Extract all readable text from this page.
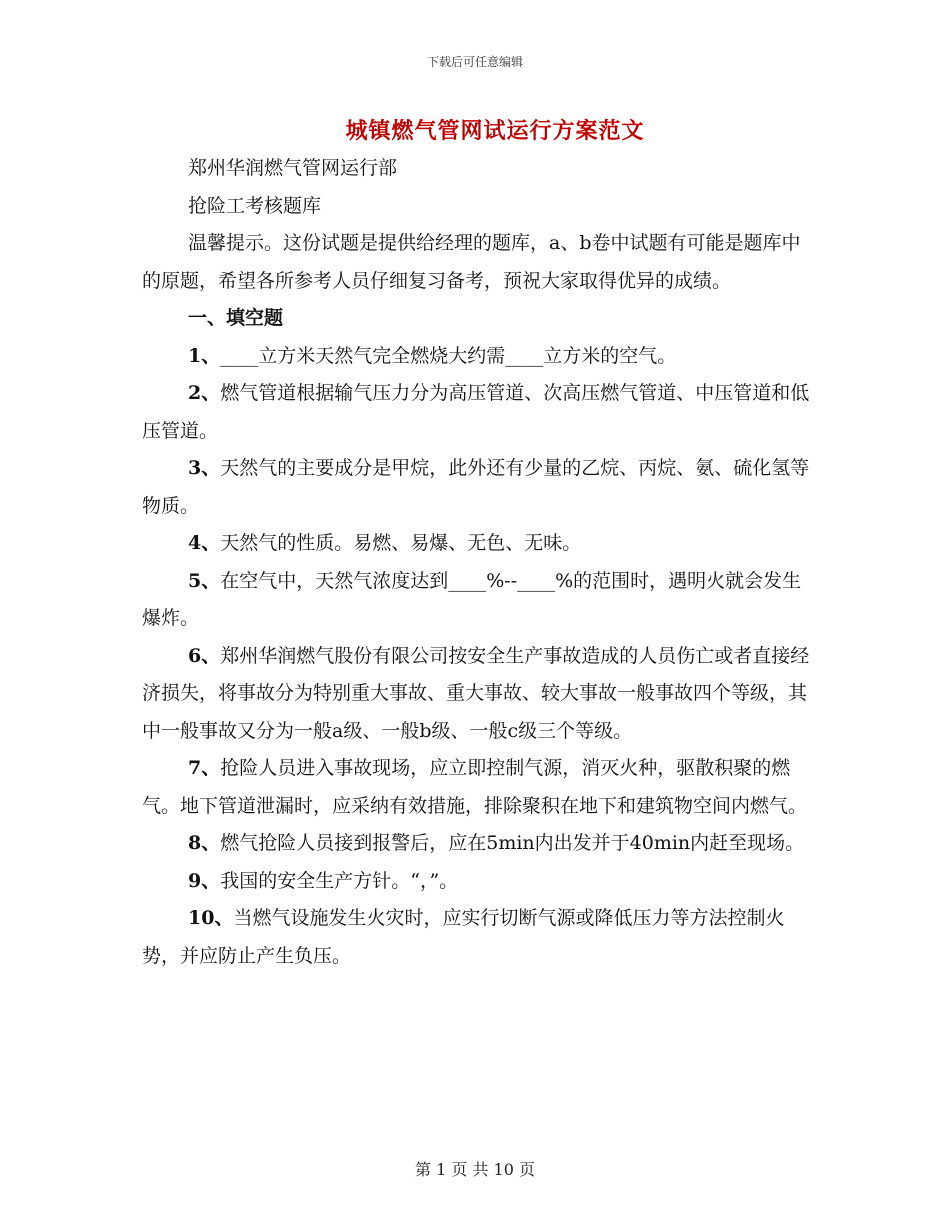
下载后可任意编辑
城镇燃气管网试运行方案范文

郑州华润燃气管网运行部

抢险工考核题库

温馨提示。这份试题是提供给经理的题库，a、b卷中试题有可能是题库中的原题，希望各所参考人员仔细复习备考，预祝大家取得优异的成绩。

一、填空题

1、____立方米天然气完全燃烧大约需____立方米的空气。

2、燃气管道根据输气压力分为高压管道、次高压燃气管道、中压管道和低压管道。

3、天然气的主要成分是甲烷，此外还有少量的乙烷、丙烷、氨、硫化氢等物质。

4、天然气的性质。易燃、易爆、无色、无味。

5、在空气中，天然气浓度达到____%--____%的范围时，遇明火就会发生爆炸。

6、郑州华润燃气股份有限公司按安全生产事故造成的人员伤亡或者直接经济损失，将事故分为特别重大事故、重大事故、较大事故一般事故四个等级，其中一般事故又分为一般a级、一般b级、一般c级三个等级。

7、抢险人员进入事故现场，应立即控制气源，消灭火种，驱散积聚的燃气。地下管道泄漏时，应采纳有效措施，排除聚积在地下和建筑物空间内燃气。

8、燃气抢险人员接到报警后，应在5min内出发并于40min内赶至现场。

9、我国的安全生产方针。“，”。

10、当燃气设施发生火灾时，应实行切断气源或降低压力等方法控制火势，并应防止产生负压。

第 1 页 共 10 页
